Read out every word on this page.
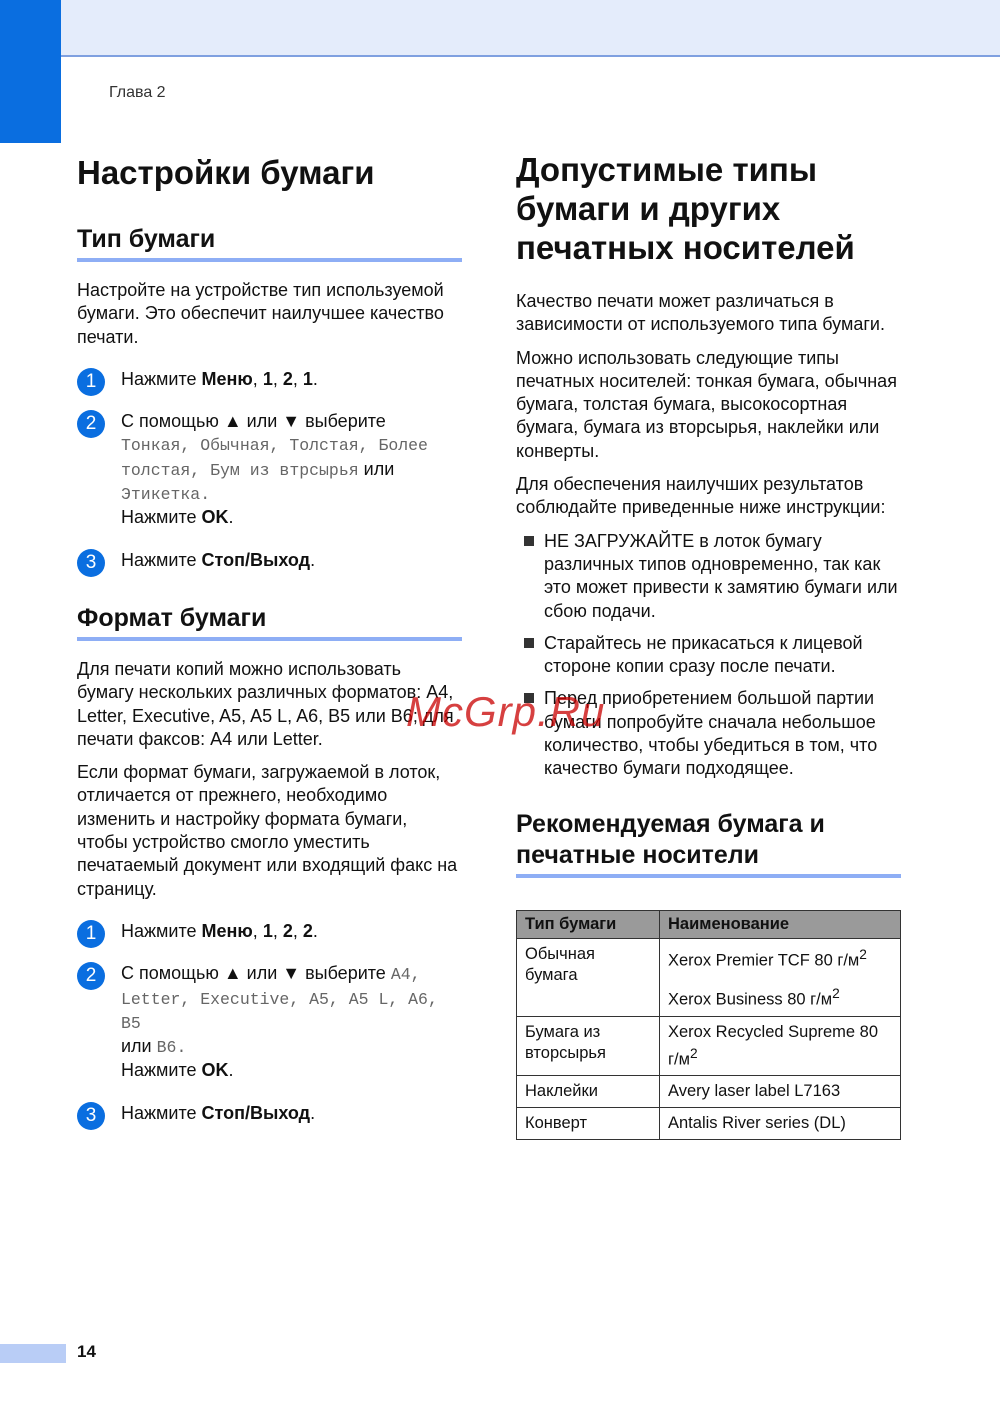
Глава 2
Настройки бумаги
Тип бумаги

Настройте на устройстве тип используемой бумаги. Это обеспечит наилучшее качество печати.

1	Нажмите Меню, 1, 2, 1.
2	С помощью ▲ или ▼ выберите
Тонкая, Обычная, Толстая, Более толстая, Бум из втрсырья или Этикетка.
Нажмите OK.
3	Нажмите Стоп/Выход.
Формат бумаги

Для печати копий можно использовать бумагу нескольких различных форматов: A4, Letter, Executive, A5, A5 L, A6, B5 или B6; для печати факсов: A4 или Letter.

Если формат бумаги, загружаемой в лоток, отличается от прежнего, необходимо изменить и настройку формата бумаги, чтобы устройство смогло уместить печатаемый документ или входящий факс на страницу.

1	Нажмите Меню, 1, 2, 2.
2	С помощью ▲ или ▼ выберите A4, Letter, Executive, A5, A5 L, A6, B5
или B6.
Нажмите OK.
3	Нажмите Стоп/Выход.
Допустимые типы бумаги и других печатных носителей

Качество печати может различаться в зависимости от используемого типа бумаги.

Можно использовать следующие типы печатных носителей: тонкая бумага, обычная бумага, толстая бумага, высокосортная бумага, бумага из вторсырья, наклейки или конверты.

Для обеспечения наилучших результатов соблюдайте приведенные ниже инструкции:

НЕ ЗАГРУЖАЙТЕ в лоток бумагу различных типов одновременно, так как это может привести к замятию бумаги или сбою подачи.
Старайтесь не прикасаться к лицевой стороне копии сразу после печати.
Перед приобретением большой партии бумаги попробуйте сначала небольшое количество, чтобы убедиться в том, что качество бумаги подходящее.
Рекомендуемая бумага и печатные носители
Тип бумаги	Наименование
Обычная бумага	Xerox Premier TCF 80 $г/м^2$
Xerox Business 80 $г/м^2$

Бумага из вторсырья	Xerox Recycled Supreme 80 $г/м^2$
Наклейки	Avery laser label L7163
Конверт	Antalis River series (DL)
McGrp.Ru
14
